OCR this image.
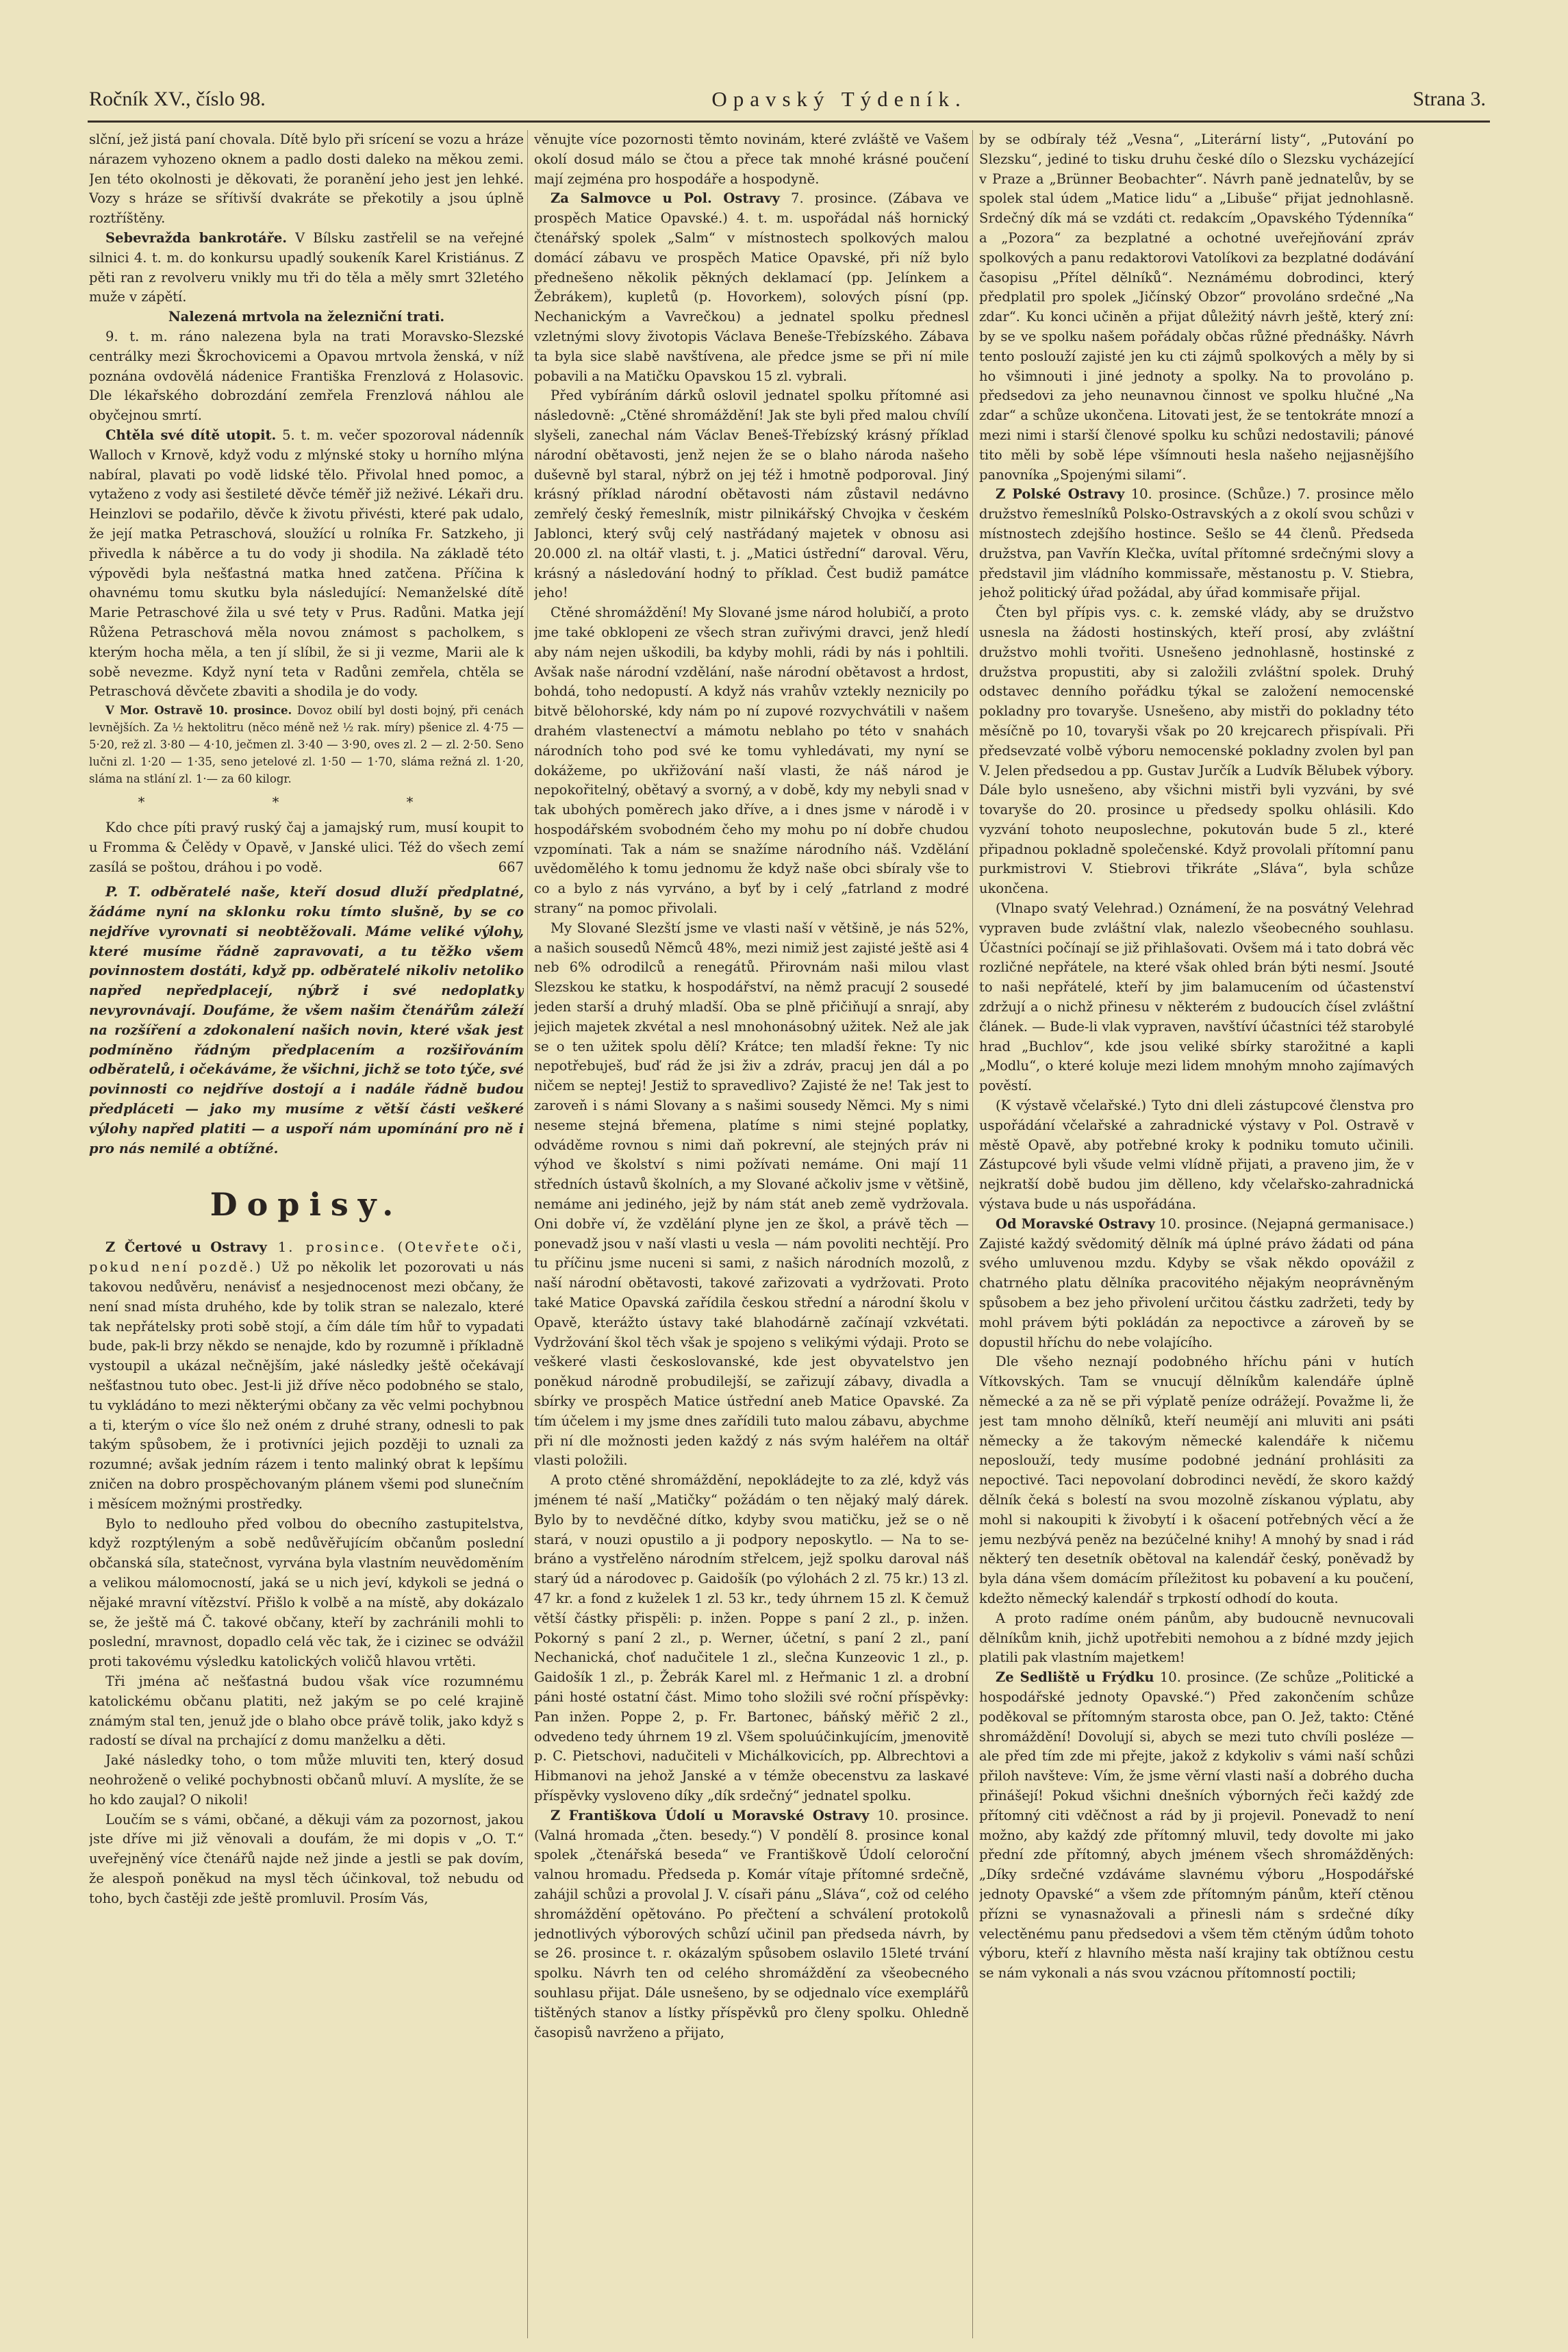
Ročník XV., číslo 98.	Opavský Týdeník.	Strana 3.

slční, jež jistá paní chovala. Dítě bylo při srícení se vozu a hráze nárazem vyhozeno oknem a padlo dosti daleko na měkou zemi. Jen této okolnosti je děkovati, že poranění jeho jest jen lehké. Vozy s hráze se sřítivší dvakráte se překotily a jsou úplně roztříštěny.

Sebevražda bankrotáře. V Bílsku zastřelil se na veřejné silnici 4. t. m. do konkursu upadlý soukeník Karel Kristiánus. Z pěti ran z revolveru vnikly mu tři do těla a měly smrt 32letého muže v zápětí.

Nalezená mrtvola na železniční trati.

9. t. m. ráno nalezena byla na trati Moravsko-Slezské centrálky mezi Škrochovicemi a Opavou mrtvola ženská, v níž poznána ovdovělá nádenice Františka Frenzlová z Holasovic. Dle lékařského dobrozdání zemřela Frenzlová náhlou ale obyčejnou smrtí.

Chtěla své dítě utopit. 5. t. m. večer spozoroval nádenník Walloch v Krnově, když vodu z mlýnské stoky u horního mlýna nabíral, plavati po vodě lidské tělo. Přivolal hned pomoc, a vytaženo z vody asi šestileté děvče téměř již neživé. Lékaři dru. Heinzlovi se podařilo, děvče k životu přivésti, které pak udalo, že její matka Petraschová, sloužící u rolníka Fr. Satzkeho, ji přivedla k náběrce a tu do vody ji shodila. Na základě této výpovědi byla nešťastná matka hned zatčena. Příčina k ohavnému tomu skutku byla následující: Nemanželské dítě Marie Petraschové žila u své tety v Prus. Radůni. Matka její Růžena Petraschová měla novou známost s pacholkem, s kterým hocha měla, a ten jí slíbil, že si ji vezme, Marii ale k sobě nevezme. Když nyní teta v Radůni zemřela, chtěla se Petraschová děvčete zbaviti a shodila je do vody.

V Mor. Ostravě 10. prosince. Dovoz obilí byl dosti bojný, při cenách levnějších. Za ½ hektolitru (něco méně než ½ rak. míry) pšenice zl. 4·75 — 5·20, rež zl. 3·80 — 4·10, ječmen zl. 3·40 — 3·90, oves zl. 2 — zl. 2·50. Seno lučni zl. 1·20 — 1·35, seno jetelové zl. 1·50 — 1·70, sláma režná zl. 1·20, sláma na stlání zl. 1·— za 60 kilogr.

* * *

Kdo chce píti pravý ruský čaj a jamajský rum, musí koupit to u Fromma & Čelědy v Opavě, v Janské ulici. Též do všech zemí zasílá se poštou, dráhou i po vodě.	667

P. T. odběratelé naše, kteří dosud dluží předplatné, žádáme nyní na sklonku roku tímto slušně, by se co nejdříve vyrovnati si neobtěžovali. Máme veliké výlohy, které musíme řádně zapravovati, a tu těžko všem povinnostem dostáti, když pp. odběratelé nikoliv netoliko napřed nepředplacejí, nýbrž i své nedoplatky nevyrovnávají. Doufáme, že všem našim čtenářům záleží na rozšíření a zdokonalení našich novin, které však jest podmíněno řádným předplacením a rozšiřováním odběratelů, i očekáváme, že všichni, jichž se toto týče, své povinnosti co nejdříve dostojí a i nadále řádně budou předpláceti — jako my musíme z větší části veškeré výlohy napřed platiti — a uspoří nám upomínání pro ně i pro nás nemilé a obtížné.

Dopisy.

Z Čertové u Ostravy 1. prosince. (Otevřete oči, pokud není pozdě.) Už po několik let pozorovati u nás takovou nedůvěru, nenávisť a nesjednocenost mezi občany, že není snad místa druhého, kde by tolik stran se nalezalo, které tak nepřátelsky proti sobě stojí, a čím dále tím hůř to vypadati bude, pak-li brzy někdo se nenajde, kdo by rozumně i příkladně vystoupil a ukázal nečnějším, jaké následky ještě očekávají nešťastnou tuto obec. Jest-li již dříve něco podobného se stalo, tu vykládáno to mezi některými občany za věc velmi pochybnou a ti, kterým o více šlo než oném z druhé strany, odnesli to pak takým spůsobem, že i protivníci jejich později to uznali za rozumné; avšak jedním rázem i tento malinký obrat k lepšímu zničen na dobro prospěchovaným plánem všemi pod slunečním i měsícem možnými prostředky.

Bylo to nedlouho před volbou do obecního zastupitelstva, když rozptýleným a sobě nedůvěřujícím občanům poslední občanská síla, statečnost, vyrvána byla vlastním neuvědoměním a velikou málomocností, jaká se u nich jeví, kdykoli se jedná o nějaké mravní vítězství. Přišlo k volbě a na místě, aby dokázalo se, že ještě má Č. takové občany, kteří by zachránili mohli to poslední, mravnost, dopadlo celá věc tak, že i cizinec se odvážil proti takovému výsledku katolických voličů hlavou vrtěti.

Tři jména ač nešťastná budou však více rozumnému katolickému občanu platiti, než jakým se po celé krajině známým stal ten, jenuž jde o blaho obce právě tolik, jako když s radostí se díval na prchající z domu manželku a děti.

Jaké následky toho, o tom může mluviti ten, který dosud neohroženě o veliké pochybnosti občanů mluví. A myslíte, že se ho kdo zaujal? O nikoli!

Loučím se s vámi, občané, a děkuji vám za pozornost, jakou jste dříve mi již věnovali a doufám, že mi dopis v „O. T.“ uveřejněný více čtenářů najde než jinde a jestli se pak dovím, že alespoň poněkud na mysl těch účinkoval, tož nebudu od toho, bych častěji zde ještě promluvil. Prosím Vás,

věnujte více pozornosti těmto novinám, které zvláště ve Vašem okolí dosud málo se čtou a přece tak mnohé krásné poučení mají zejména pro hospodáře a hospodyně.

Za Salmovce u Pol. Ostravy 7. prosince. (Zábava ve prospěch Matice Opavské.) 4. t. m. uspořádal náš hornický čtenářský spolek „Salm“ v místnostech spolkových malou domácí zábavu ve prospěch Matice Opavské, při níž bylo přednešeno několik pěkných deklamací (pp. Jelínkem a Žebrákem), kupletů (p. Hovorkem), solových písní (pp. Nechanickým a Vavrečkou) a jednatel spolku přednesl vzletnými slovy životopis Václava Beneše-Třebízského. Zábava ta byla sice slabě navštívena, ale předce jsme se při ní mile pobavili a na Matičku Opavskou 15 zl. vybrali.

Před vybíráním dárků oslovil jednatel spolku přítomné asi následovně: „Ctěné shromáždění! Jak ste byli před malou chvílí slyšeli, zanechal nám Václav Beneš-Třebízský krásný příklad národní obětavosti, jenž nejen že se o blaho národa našeho duševně byl staral, nýbrž on jej též i hmotně podporoval. Jiný krásný příklad národní obětavosti nám zůstavil nedávno zemřelý český řemeslník, mistr pilnikářský Chvojka v českém Jablonci, který svůj celý nastřádaný majetek v obnosu asi 20.000 zl. na oltář vlasti, t. j. „Matici ústřední“ daroval. Věru, krásný a následování hodný to příklad. Čest budiž památce jeho!

Ctěné shromáždění! My Slované jsme národ holubičí, a proto jme také obklopeni ze všech stran zuřivými dravci, jenž hledí aby nám nejen uškodili, ba kdyby mohli, rádi by nás i pohltili. Avšak naše národní vzdělání, naše národní obětavost a hrdost, bohdá, toho nedopustí. A když nás vrahův vztekly neznicily po bitvě bělohorské, kdy nám po ní zupové rozvychvátili v našem drahém vlastenectví a mámotu neblaho po této v snahách národních toho pod své ke tomu vyhledávati, my nyní se dokážeme, po ukřižování naší vlasti, že náš národ je nepokořitelný, obětavý a svorný, a v době, kdy my nebyli snad v tak ubohých poměrech jako dříve, a i dnes jsme v národě i v hospodářském svobodném čeho my mohu po ní dobře chudou vzpomínati. Tak a nám se snažíme národního náš. Vzdělání uvědomělého k tomu jednomu že když naše obci sbíraly vše to co a bylo z nás vyrváno, a byť by i celý „fatrland z modré strany“ na pomoc přivolali.

My Slované Slezští jsme ve vlasti naší v většině, je nás 52%, a našich sousedů Němců 48%, mezi nimiž jest zajisté ještě asi 4 neb 6% odrodilců a renegátů. Přirovnám naši milou vlast Slezskou ke statku, k hospodářství, na němž pracují 2 sousedé jeden starší a druhý mladší. Oba se plně přičiňují a snrají, aby jejich majetek zkvétal a nesl mnohonásobný užitek. Než ale jak se o ten užitek spolu dělí? Krátce; ten mladší řekne: Ty nic nepotřebuješ, buď rád že jsi živ a zdráv, pracuj jen dál a po ničem se neptej! Jestiž to spravedlivo? Zajisté že ne! Tak jest to zaroveň i s námi Slovany a s našimi sousedy Němci. My s nimi neseme stejná břemena, platíme s nimi stejné poplatky, odváděme rovnou s nimi daň pokrevní, ale stejných práv ni výhod ve školství s nimi požívati nemáme. Oni mají 11 středních ústavů školních, a my Slované ačkoliv jsme v většině, nemáme ani jediného, jejž by nám stát aneb země vydržovala. Oni dobře ví, že vzdělání plyne jen ze škol, a právě těch — ponevadž jsou v naší vlasti u vesla — nám povoliti nechtějí. Pro tu příčinu jsme nuceni si sami, z našich národních mozolů, z naší národní obětavosti, takové zařizovati a vydržovati. Proto také Matice Opavská zařídila českou střední a národní školu v Opavě, kterážto ústavy také blahodárně začínají vzkvétati. Vydržování škol těch však je spojeno s velikými výdaji. Proto se veškeré vlasti českoslovanské, kde jest obyvatelstvo jen poněkud národně probudilejší, se zařizují zábavy, divadla a sbírky ve prospěch Matice ústřední aneb Matice Opavské. Za tím účelem i my jsme dnes zařídili tuto malou zábavu, abychme při ní dle možnosti jeden každý z nás svým haléřem na oltář vlasti položili.

A proto ctěné shromáždění, nepokládejte to za zlé, když vás jménem té naší „Matičky“ požádám o ten nějaký malý dárek. Bylo by to nevděčné dítko, kdyby svou matičku, jež se o ně stará, v nouzi opustilo a ji podpory neposkytlo. — Na to se-bráno a vystřelěno národním střelcem, jejž spolku daroval náš starý úd a národovec p. Gaidošík (po výlohách 2 zl. 75 kr.) 13 zl. 47 kr. a fond z kuželek 1 zl. 53 kr., tedy úhrnem 15 zl. K čemuž větší částky přispěli: p. inžen. Poppe s paní 2 zl., p. inžen. Pokorný s paní 2 zl., p. Werner, účetní, s paní 2 zl., paní Nechanická, choť nadučitele 1 zl., slečna Kunzeovic 1 zl., p. Gaidošík 1 zl., p. Žebrák Karel ml. z Heřmanic 1 zl. a drobní páni hosté ostatní část. Mimo toho složili své roční příspěvky: Pan inžen. Poppe 2, p. Fr. Bartonec, báňský měřič 2 zl., odvedeno tedy úhrnem 19 zl. Všem spoluúčinkujícím, jmenovitě p. C. Pietschovi, nadučiteli v Michálkovicích, pp. Albrechtovi a Hibmanovi na jehož Janské a v témže obecenstvu za laskavé příspěvky vysloveno díky „dík srdečný“ jednatel spolku.

Z Františkova Údolí u Moravské Ostravy 10. prosince. (Valná hromada „čten. besedy.“) V pondělí 8. prosince konal spolek „čtenářská beseda“ ve Františkově Údolí celoroční valnou hromadu. Předseda p. Komár vítaje přítomné srdečně, zahájil schůzi a provolal J. V. císaři pánu „Sláva“, což od celého shromáždění opětováno. Po přečtení a schválení protokolů jednotlivých výborových schůzí učinil pan předseda návrh, by se 26. prosince t. r. okázalým spůsobem oslavilo 15leté trvání spolku. Návrh ten od celého shromáždění za všeobecného souhlasu přijat. Dále usnešeno, by se odjednalo více exemplářů tištěných stanov a lístky příspěvků pro členy spolku. Ohledně časopisů navrženo a přijato,

by se odbíraly též „Vesna“, „Literární listy“, „Putování po Slezsku“, jediné to tisku druhu české dílo o Slezsku vycházející v Praze a „Brünner Beobachter“. Návrh paně jednatelův, by se spolek stal údem „Matice lidu“ a „Libuše“ přijat jednohlasně. Srdečný dík má se vzdáti ct. redakcím „Opavského Týdenníka“ a „Pozora“ za bezplatné a ochotné uveřejňování zpráv spolkových a panu redaktorovi Vatolíkovi za bezplatné dodávání časopisu „Přítel dělníků“. Neznámému dobrodinci, který předplatil pro spolek „Jičínský Obzor“ provoláno srdečné „Na zdar“. Ku konci učiněn a přijat důležitý návrh ještě, který zní: by se ve spolku našem pořádaly občas růžné přednášky. Návrh tento poslouží zajisté jen ku cti zájmů spolkových a měly by si ho všimnouti i jiné jednoty a spolky. Na to provoláno p. předsedovi za jeho neunavnou činnost ve spolku hlučné „Na zdar“ a schůze ukončena. Litovati jest, že se tentokráte mnozí a mezi nimi i starší členové spolku ku schůzi nedostavili; pánové tito měli by sobě lépe všímnouti hesla našeho nejjasnějšího panovníka „Spojenými silami“.

Z Polské Ostravy 10. prosince. (Schůze.) 7. prosince mělo družstvo řemeslníků Polsko-Ostravských a z okolí svou schůzi v místnostech zdejšího hostince. Sešlo se 44 členů. Předseda družstva, pan Vavřín Klečka, uvítal přítomné srdečnými slovy a představil jim vládního kommissaře, městanostu p. V. Stiebra, jehož politický úřad požádal, aby úřad kommisaře přijal.

Čten byl přípis vys. c. k. zemské vlády, aby se družstvo usnesla na žádosti hostinských, kteří prosí, aby zvláštní družstvo mohli tvořiti. Usnešeno jednohlasně, hostinské z družstva propustiti, aby si založili zvláštní spolek. Druhý odstavec denního pořádku týkal se založení nemocenské pokladny pro tovaryše. Usnešeno, aby mistři do pokladny této měsíčně po 10, tovaryši však po 20 krejcarech přispívali. Při předsevzaté volbě výboru nemocenské pokladny zvolen byl pan V. Jelen předsedou a pp. Gustav Jurčík a Ludvík Bělubek výbory. Dále bylo usnešeno, aby všichni mistři byli vyzváni, by své tovaryše do 20. prosince u předsedy spolku ohlásili. Kdo vyzvání tohoto neuposlechne, pokutován bude 5 zl., které připadnou pokladně společenské. Když provolali přítomní panu purkmistrovi V. Stiebrovi třikráte „Sláva“, byla schůze ukončena.

(Vlnapo svatý Velehrad.) Oznámení, že na posvátný Velehrad vypraven bude zvláštní vlak, nalezlo všeobecného souhlasu. Účastníci počínají se již přihlašovati. Ovšem má i tato dobrá věc rozličné nepřátele, na které však ohled brán býti nesmí. Jsouté to naši nepřátelé, kteří by jim balamucením od účastenství zdržují a o nichž přinesu v některém z budoucích čísel zvláštní článek. — Bude-li vlak vypraven, navštíví účastníci též starobylé hrad „Buchlov“, kde jsou veliké sbírky starožitné a kapli „Modlu“, o které koluje mezi lidem mnohým mnoho zajímavých pověstí.

(K výstavě včelařské.) Tyto dni dleli zástupcové členstva pro uspořádání včelařské a zahradnické výstavy v Pol. Ostravě v městě Opavě, aby potřebné kroky k podniku tomuto učinili. Zástupcové byli všude velmi vlídně přijati, a praveno jim, že v nejkratší době budou jim dělleno, kdy včelařsko-zahradnická výstava bude u nás uspořádána.

Od Moravské Ostravy 10. prosince. (Nejapná germanisace.) Zajisté každý svědomitý dělník má úplné právo žádati od pána svého umluvenou mzdu. Kdyby se však někdo opovážil z chatrného platu dělníka pracovitého nějakým neoprávněným spůsobem a bez jeho přivolení určitou částku zadržeti, tedy by mohl právem býti pokládán za nepoctivce a zároveň by se dopustil hříchu do nebe volajícího.

Dle všeho neznají podobného hříchu páni v hutích Vítkovských. Tam se vnucují dělníkům kalendáře úplně německé a za ně se při výplatě peníze odrážejí. Považme li, že jest tam mnoho dělníků, kteří neumějí ani mluviti ani psáti německy a že takovým německé kalendáře k ničemu neposlouží, tedy musíme podobné jednání prohlásiti za nepoctivé. Taci nepovolaní dobrodinci nevědí, že skoro každý dělník čeká s bolestí na svou mozolně získanou výplatu, aby mohl si nakoupiti k živobytí i k ošacení potřebných věcí a že jemu nezbývá peněz na bezúčelné knihy! A mnohý by snad i rád některý ten desetník obětoval na kalendář český, poněvadž by byla dána všem domácím příležitost ku pobavení a ku poučení, kdežto německý kalendář s trpkostí odhodí do kouta.

A proto radíme oném pánům, aby budoucně nevnucovali dělníkům knih, jichž upotřebiti nemohou a z bídné mzdy jejich platili pak vlastním majetkem!

Ze Sedliště u Frýdku 10. prosince. (Ze schůze „Politické a hospodářské jednoty Opavské.“) Před zakončením schůze poděkoval se přítomným starosta obce, pan O. Jež, takto: Ctěné shromáždění! Dovolují si, abych se mezi tuto chvíli posléze — ale před tím zde mi přejte, jakož z kdykoliv s vámi naší schůzi přiloh navšteve: Vím, že jsme věrní vlasti naší a dobrého ducha přinášejí! Pokud všichni dnešních výborných řeči každý zde přítomný citi vděčnost a rád by ji projevil. Ponevadž to není možno, aby každý zde přítomný mluvil, tedy dovolte mi jako přední zde přítomný, abych jménem všech shromážděných: „Díky srdečné vzdáváme slavnému výboru „Hospodářské jednoty Opavské“ a všem zde přítomným pánům, kteří ctěnou přízni se vynasnažovali a přinesli nám s srdečné díky velectěnému panu předsedovi a všem těm ctěným údům tohoto výboru, kteří z hlavního města naší krajiny tak obtížnou cestu se nám vykonali a nás svou vzácnou přítomností poctili;
